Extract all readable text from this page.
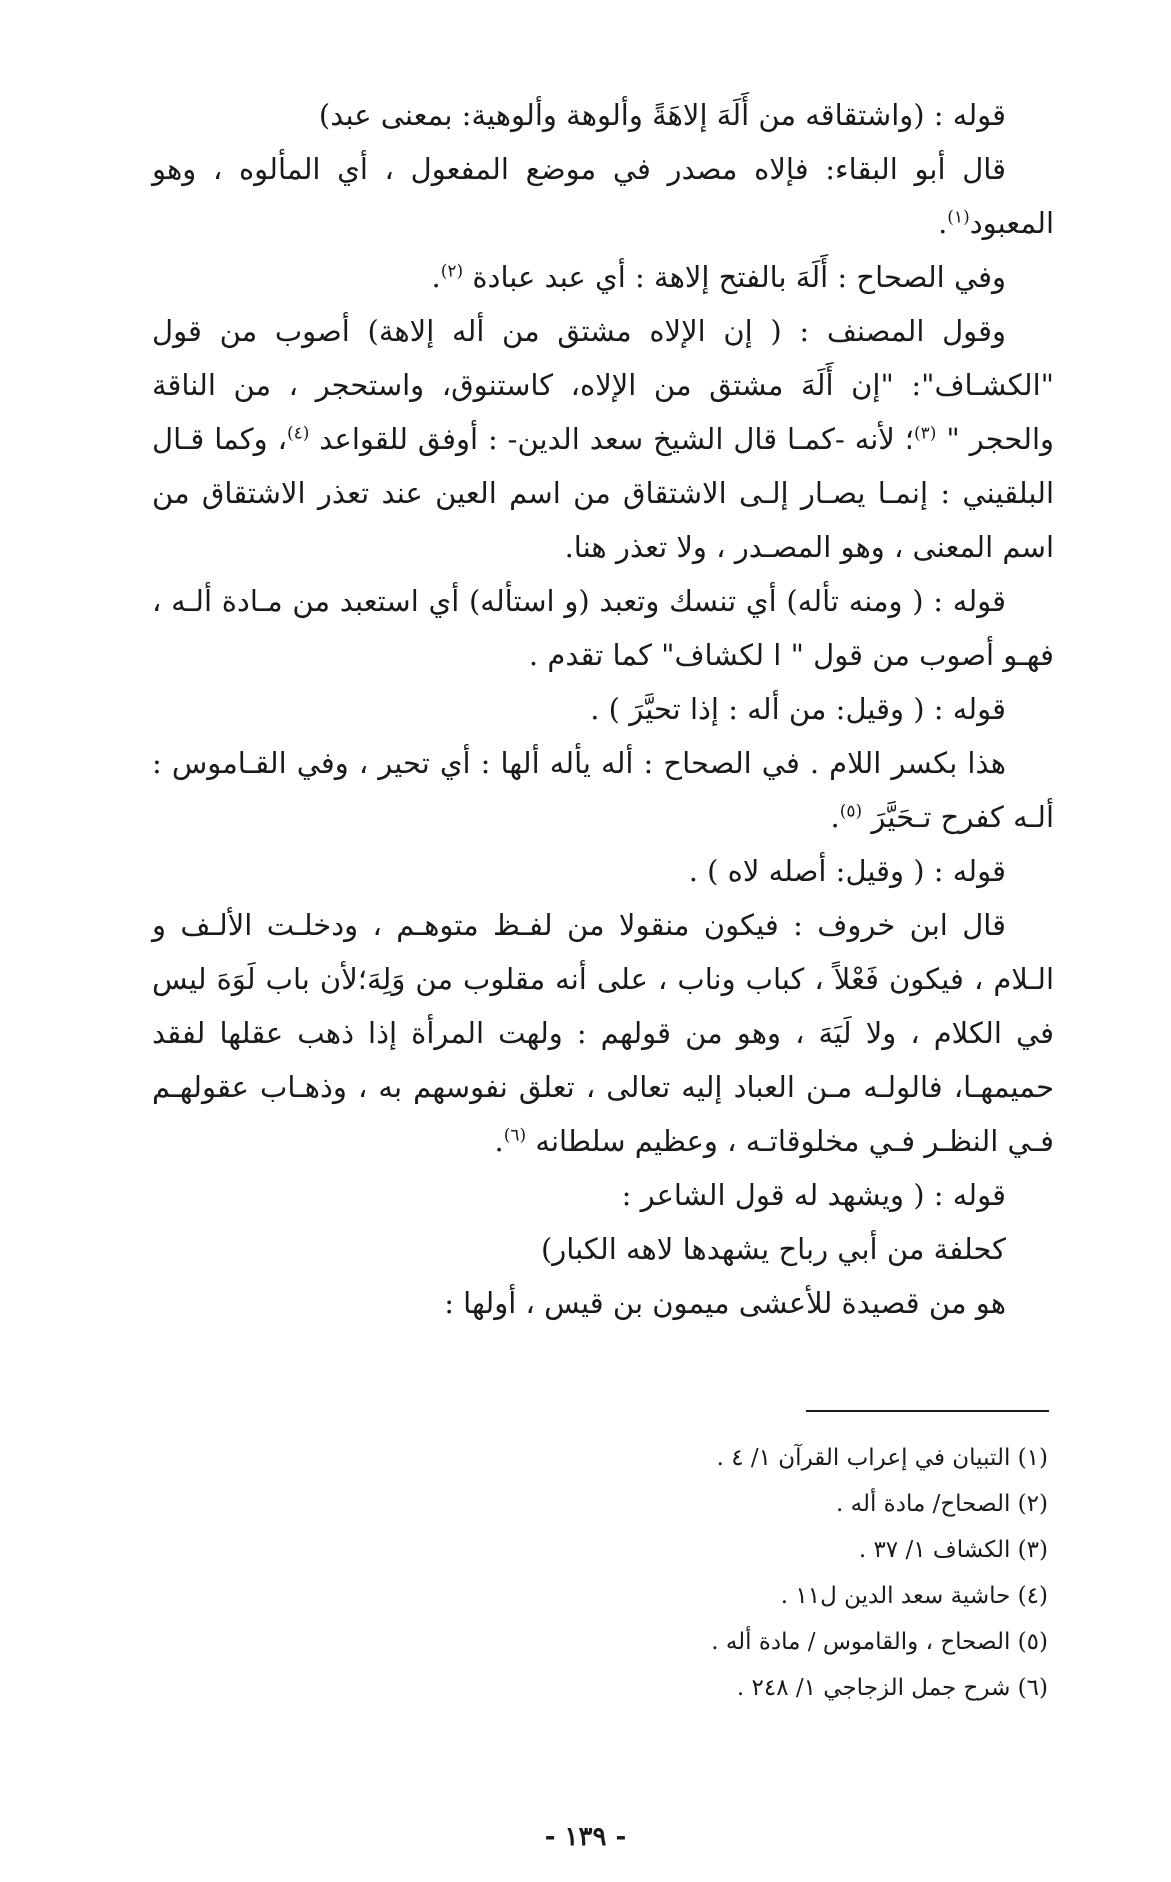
قوله : (واشتقاقه من أَلَهَ إلاهَةً وألوهة وألوهية: بمعنى عبد)

قال أبو البقاء: فإلاه مصدر في موضع المفعول ، أي المألوه ، وهو المعبود$^{(١)}$.

وفي الصحاح : أَلَهَ بالفتح إلاهة : أي عبد عبادة $^{(٢)}$.

وقول المصنف : ( إن الإلاه مشتق من أله إلاهة) أصوب من قول "الكشـاف": "إن أَلَهَ مشتق من الإلاه، كاستنوق، واستحجر ، من الناقة والحجر " $^{(٣)}$؛ لأنه -كمـا قال الشيخ سعد الدين- : أوفق للقواعد $^{(٤)}$، وكما قـال البلقيني : إنمـا يصـار إلـى الاشتقاق من اسم العين عند تعذر الاشتقاق من اسم المعنى ، وهو المصـدر ، ولا تعذر هنا.

قوله : ( ومنه تأله) أي تنسك وتعبد (و استأله) أي استعبد من مـادة ألـه ، فهـو أصوب من قول " ا لكشاف" كما تقدم .

قوله : ( وقيل: من أله : إذا تحيَّرَ ) .

هذا بكسر اللام . في الصحاح : أله يأله ألها : أي تحير ، وفي القـاموس : ألـه كفرح تـحَيَّرَ $^{(٥)}$.

قوله : ( وقيل: أصله لاه ) .

قال ابن خروف : فيكون منقولا من لفـظ متوهـم ، ودخلـت الألـف و الـلام ، فيكون فَعْلاً ، كباب وناب ، على أنه مقلوب من وَلِهَ؛لأن باب لَوَهَ ليس في الكلام ، ولا لَيَهَ ، وهو من قولهم : ولهت المرأة إذا ذهب عقلها لفقد حميمهـا، فالولـه مـن العباد إليه تعالى ، تعلق نفوسهم به ، وذهـاب عقولهـم فـي النظـر فـي مخلوقاتـه ، وعظيم سلطانه $^{(٦)}$.

قوله : ( ويشهد له قول الشاعر :

كحلفة من أبي رباح يشهدها لاهه الكبار)

هو من قصيدة للأعشى ميمون بن قيس ، أولها :

(١) التبيان في إعراب القرآن ١/ ٤ .
(٢) الصحاح/ مادة أله .
(٣) الكشاف ١/ ٣٧ .
(٤) حاشية سعد الدين ل١١ .
(٥) الصحاح ، والقاموس / مادة أله .
(٦) شرح جمل الزجاجي ١/ ٢٤٨ .
- ١٣٩ -
